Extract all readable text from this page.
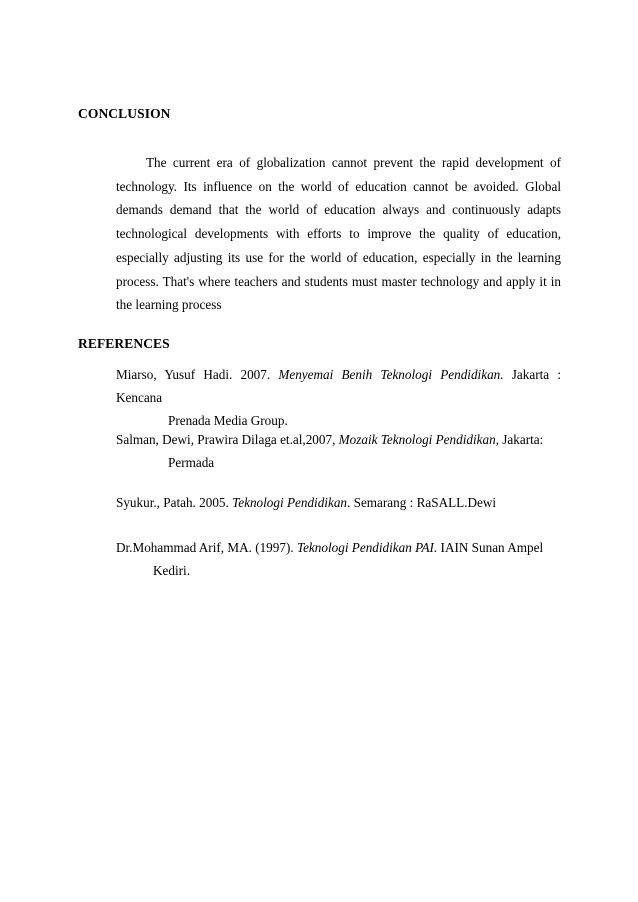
CONCLUSION
The current era of globalization cannot prevent the rapid development of technology. Its influence on the world of education cannot be avoided. Global demands demand that the world of education always and continuously adapts technological developments with efforts to improve the quality of education, especially adjusting its use for the world of education, especially in the learning process. That's where teachers and students must master technology and apply it in the learning process
REFERENCES
Miarso, Yusuf Hadi. 2007. Menyemai Benih Teknologi Pendidikan. Jakarta : Kencana
Prenada Media Group.
Salman, Dewi, Prawira Dilaga et.al,2007, Mozaik Teknologi Pendidikan, Jakarta:
Permada
Syukur., Patah. 2005. Teknologi Pendidikan. Semarang : RaSALL.Dewi
Dr.Mohammad Arif, MA. (1997). Teknologi Pendidikan PAI. IAIN Sunan Ampel
Kediri.
